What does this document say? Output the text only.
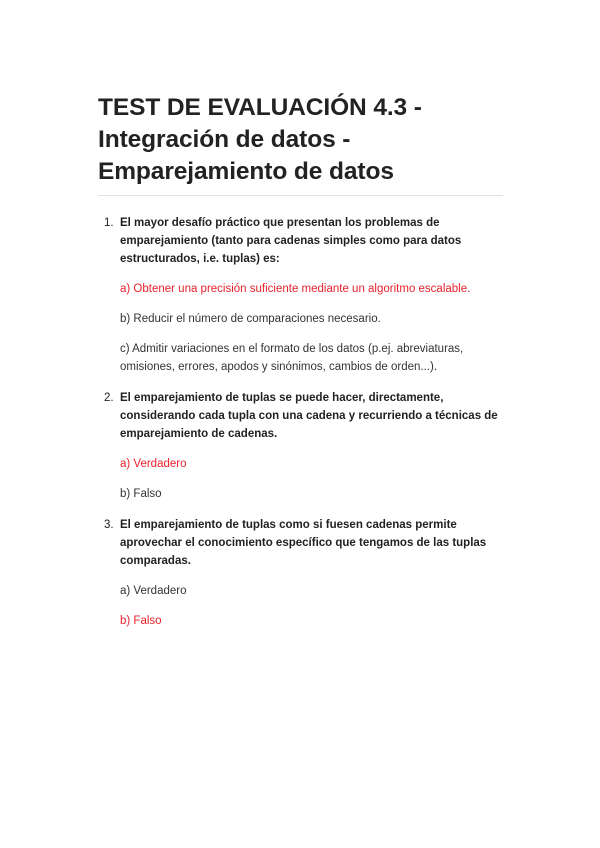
TEST DE EVALUACIÓN 4.3 - Integración de datos - Emparejamiento de datos
1. El mayor desafío práctico que presentan los problemas de emparejamiento (tanto para cadenas simples como para datos estructurados, i.e. tuplas) es:

a) Obtener una precisión suficiente mediante un algoritmo escalable.

b) Reducir el número de comparaciones necesario.

c) Admitir variaciones en el formato de los datos (p.ej. abreviaturas, omisiones, errores, apodos y sinónimos, cambios de orden...).

2. El emparejamiento de tuplas se puede hacer, directamente, considerando cada tupla con una cadena y recurriendo a técnicas de emparejamiento de cadenas.

a) Verdadero

b) Falso

3. El emparejamiento de tuplas como si fuesen cadenas permite aprovechar el conocimiento específico que tengamos de las tuplas comparadas.

a) Verdadero

b) Falso
